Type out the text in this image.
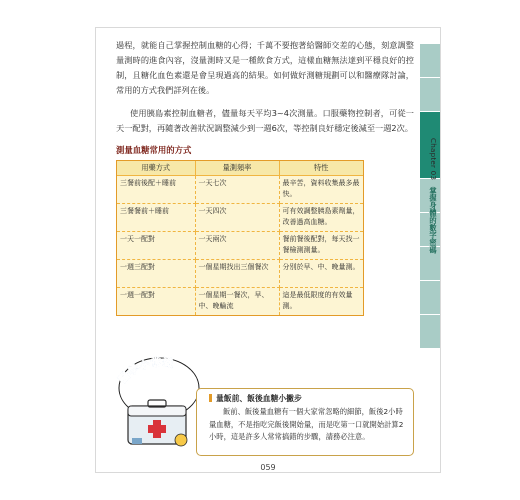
過程，就能自己掌握控制血糖的心得；千萬不要抱著給醫師交差的心態，刻意調整量測時的進食內容，沒量測時又是一種飲食方式，這樣血糖無法達到平穩良好的控制，且糖化血色素還是會呈現過高的結果。如何做好測糖規劃可以和醫療隊討論，常用的方式我們詳列在後。

使用胰島素控制血糖者，儘量每天平均3~4次測量。口服藥物控制者，可從一天一配對，再隨著改善狀況調整減少到一週6次，等控制良好穩定後減至一週2次。

測量血糖常用的方式
用藥方式	量測頻率	特性
三餐前後配＋睡前	一天七次	最辛苦，資料收集最多最快。
三餐餐前＋睡前	一天四次	可有效調整胰島素劑量，改善過高血糖。
一天一配對	一天兩次	餐前餐後配對，每天找一餐檢測測量。
一週三配對	一個星期找出三個餐次	分別於早、中、晚量測。
一週一配對	一個星期一餐次，早、中、晚輪流	這是最低限度的有效量測。
Chapter 03 掌握身體的數字密碼
醫學小常識

量飯前、飯後血糖小撇步

飯前、飯後量血糖有一個大家常忽略的細節，飯後2小時量血糖，不是指吃完飯後開始量，而是吃第一口就開始計算2小時，這是許多人常常搞錯的步驟，請務必注意。

059
